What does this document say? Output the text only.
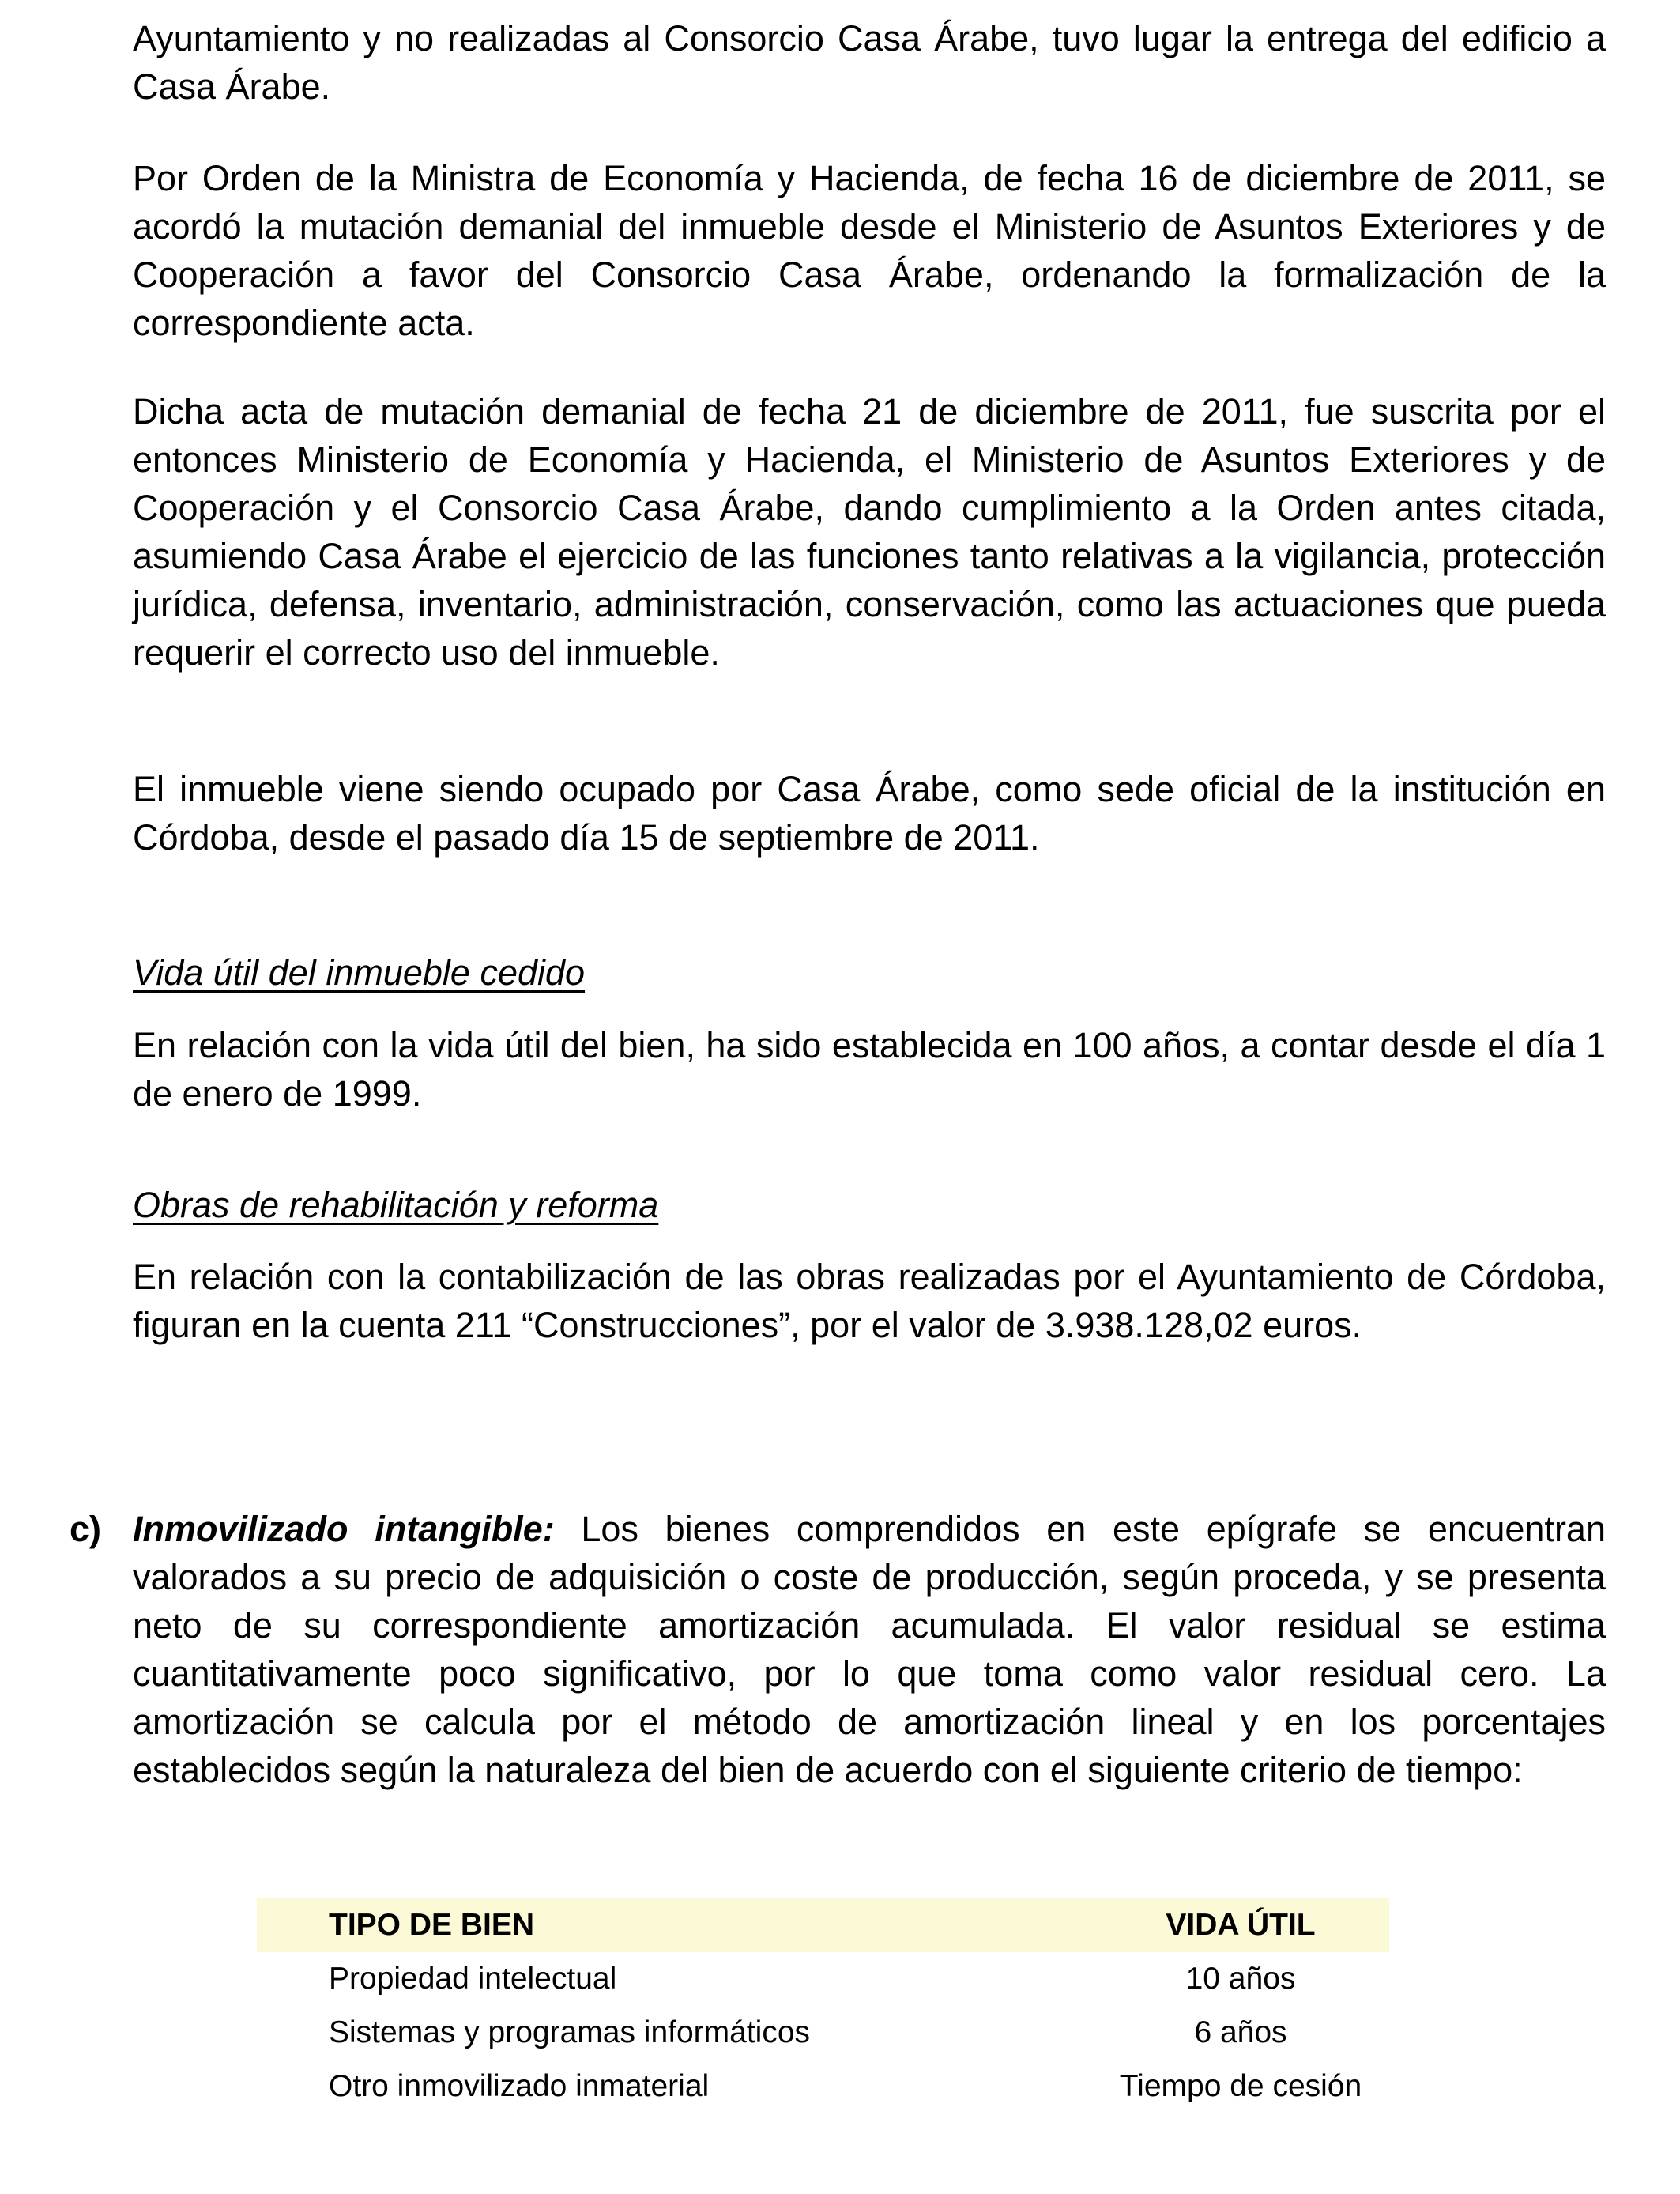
Ayuntamiento y no realizadas al Consorcio Casa Árabe, tuvo lugar la entrega del edificio a Casa Árabe.

Por Orden de la Ministra de Economía y Hacienda, de fecha 16 de diciembre de 2011, se acordó la mutación demanial del inmueble desde el Ministerio de Asuntos Exteriores y de Cooperación a favor del Consorcio Casa Árabe, ordenando la formalización de la correspondiente acta.

Dicha acta de mutación demanial de fecha 21 de diciembre de 2011, fue suscrita por el entonces Ministerio de Economía y Hacienda, el Ministerio de Asuntos Exteriores y de Cooperación y el Consorcio Casa Árabe, dando cumplimiento a la Orden antes citada, asumiendo Casa Árabe el ejercicio de las funciones tanto relativas a la vigilancia, protección jurídica, defensa, inventario, administración, conservación, como las actuaciones que pueda requerir el correcto uso del inmueble.

El inmueble viene siendo ocupado por Casa Árabe, como sede oficial de la institución en Córdoba, desde el pasado día 15 de septiembre de 2011.

Vida útil del inmueble cedido

En relación con la vida útil del bien, ha sido establecida en 100 años, a contar desde el día 1 de enero de 1999.

Obras de rehabilitación y reforma

En relación con la contabilización de las obras realizadas por el Ayuntamiento de Córdoba, figuran en la cuenta 211 “Construcciones”, por el valor de 3.938.128,02 euros.

c) Inmovilizado intangible: Los bienes comprendidos en este epígrafe se encuentran valorados a su precio de adquisición o coste de producción, según proceda, y se presenta neto de su correspondiente amortización acumulada. El valor residual se estima cuantitativamente poco significativo, por lo que toma como valor residual cero. La amortización se calcula por el método de amortización lineal y en los porcentajes establecidos según la naturaleza del bien de acuerdo con el siguiente criterio de tiempo:

TIPO DE BIEN	VIDA ÚTIL
Propiedad intelectual	10 años
Sistemas y programas informáticos	6 años
Otro inmovilizado inmaterial	Tiempo de cesión
